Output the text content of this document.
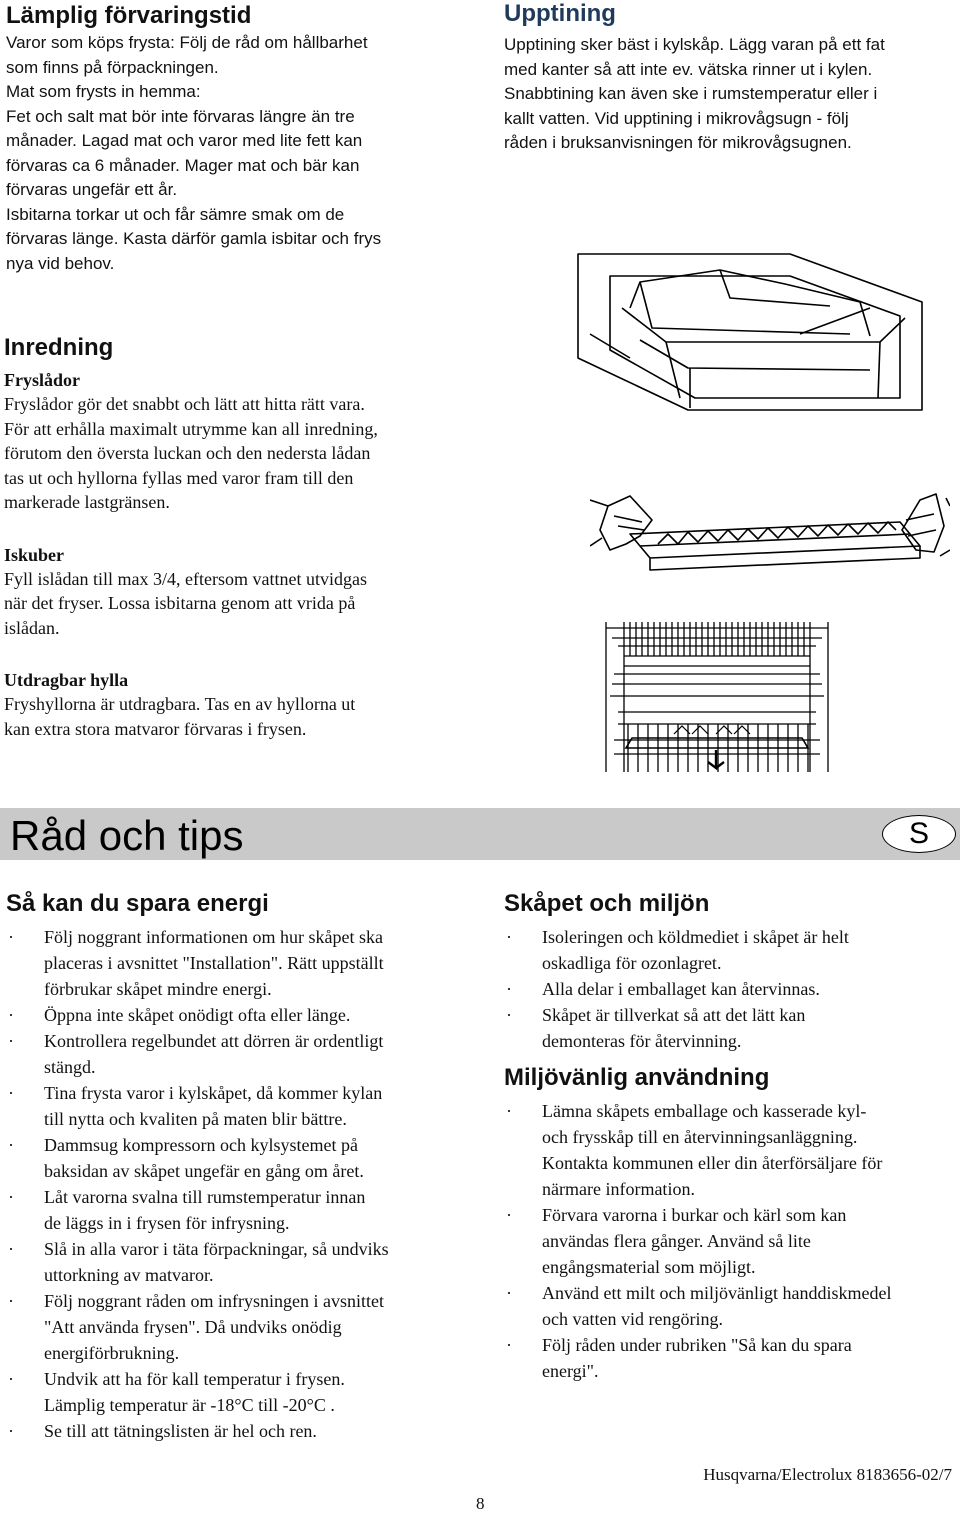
Lämplig förvaringstid

Varor som köps frysta: Följ de råd om hållbarhet

som finns på förpackningen.

Mat som frysts in hemma:

Fet och salt mat bör inte förvaras längre än tre

månader. Lagad mat och varor med lite fett kan

förvaras ca 6 månader. Mager mat och bär kan

förvaras ungefär ett år.

Isbitarna torkar ut och får sämre smak om de

förvaras länge. Kasta därför gamla isbitar och frys

nya vid behov.

Upptining

Upptining sker bäst i kylskåp. Lägg varan på ett fat

med kanter så att inte ev. vätska rinner ut i kylen.

Snabbtining kan även ske i rumstemperatur eller i

kallt vatten. Vid upptining i mikrovågsugn - följ

råden i bruksanvisningen för mikrovågsugnen.

Inredning

Fryslådor

Fryslådor gör det snabbt och lätt att hitta rätt vara.

För att erhålla maximalt utrymme kan all inredning,

förutom den översta luckan och den nedersta lådan

tas ut och hyllorna fyllas med varor fram till den

markerade lastgränsen.

Iskuber

Fyll islådan till max 3/4, eftersom vattnet utvidgas

när det fryser. Lossa isbitarna genom att vrida på

islådan.

Utdragbar hylla

Fryshyllorna är utdragbara. Tas en av hyllorna ut

kan extra stora matvaror förvaras i frysen.

Råd och tips	S
Så kan du spara energi
· Följ noggrant informationen om hur skåpet ska
placeras i avsnittet "Installation". Rätt uppställt
förbrukar skåpet mindre energi.
· Öppna inte skåpet onödigt ofta eller länge.
· Kontrollera regelbundet att dörren är ordentligt
stängd.
· Tina frysta varor i kylskåpet, då kommer kylan
till nytta och kvaliten på maten blir bättre.
· Dammsug kompressorn och kylsystemet på
baksidan av skåpet ungefär en gång om året.
· Låt varorna svalna till rumstemperatur innan
de läggs in i frysen för infrysning.
· Slå in alla varor i täta förpackningar, så undviks
uttorkning av matvaror.
· Följ noggrant råden om infrysningen i avsnittet
"Att använda frysen". Då undviks onödig
energiförbrukning.
· Undvik att ha för kall temperatur i frysen.
Lämplig temperatur är -18°C till -20°C .
· Se till att tätningslisten är hel och ren.
Skåpet och miljön
· Isoleringen och köldmediet i skåpet är helt
oskadliga för ozonlagret.
· Alla delar i emballaget kan återvinnas.
· Skåpet är tillverkat så att det lätt kan
demonteras för återvinning.
Miljövänlig användning
· Lämna skåpets emballage och kasserade kyl-
och frysskåp till en återvinningsanläggning.
Kontakta kommunen eller din återförsäljare för
närmare information.
· Förvara varorna i burkar och kärl som kan
användas flera gånger. Använd så lite
engångsmaterial som möjligt.
· Använd ett milt och miljövänligt handdiskmedel
och vatten vid rengöring.
· Följ råden under rubriken "Så kan du spara
energi".
8
Husqvarna/Electrolux 8183656-02/7
